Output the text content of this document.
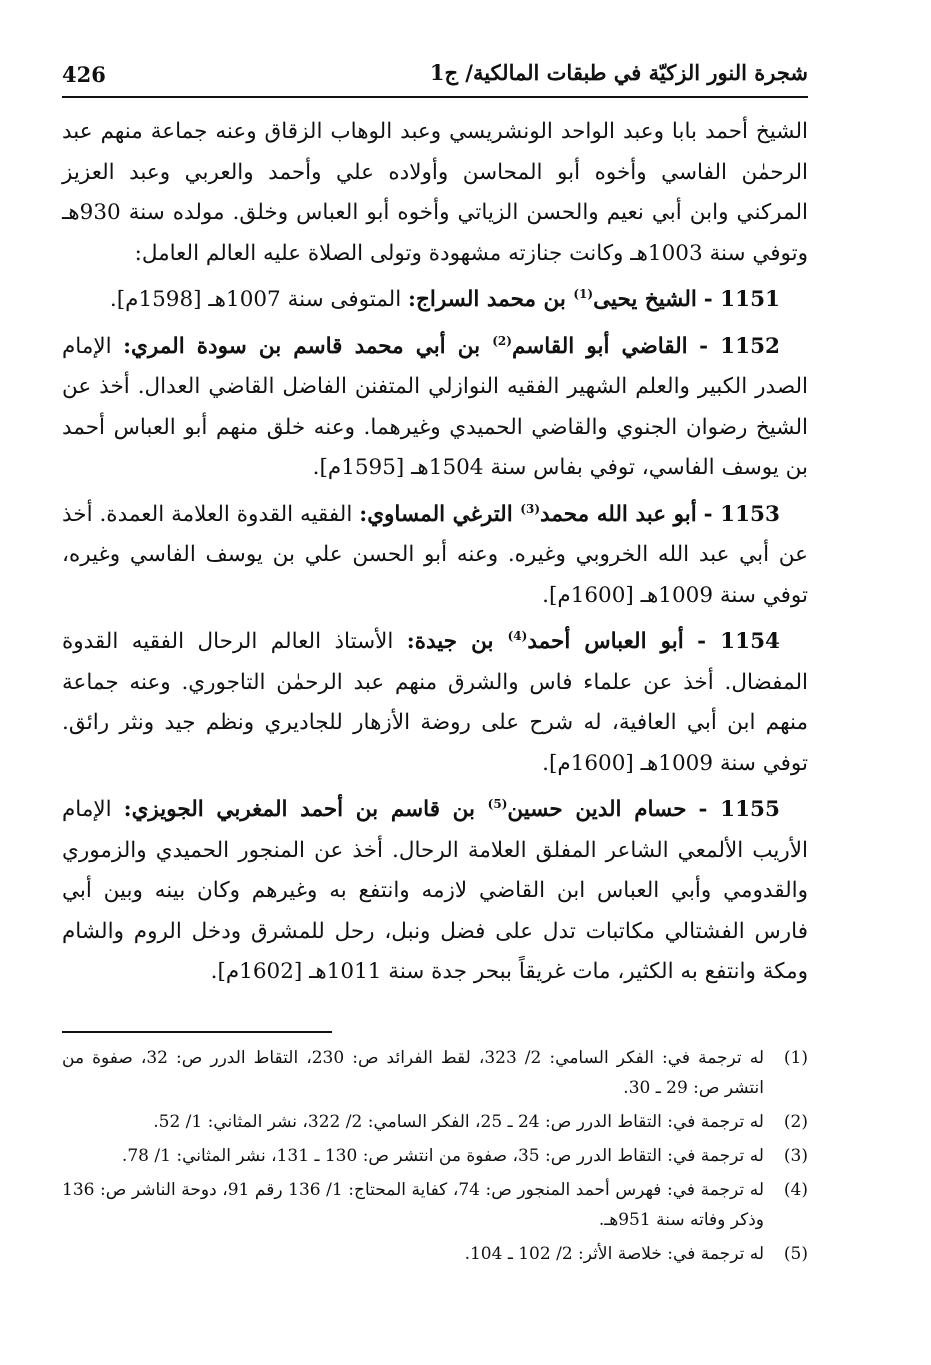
شجرة النور الزكيّة في طبقات المالكية/ ج1
426

الشيخ أحمد بابا وعبد الواحد الونشريسي وعبد الوهاب الزقاق وعنه جماعة منهم عبد الرحمٰن الفاسي وأخوه أبو المحاسن وأولاده علي وأحمد والعربي وعبد العزيز المركني وابن أبي نعيم والحسن الزياتي وأخوه أبو العباس وخلق. مولده سنة 930هـ وتوفي سنة 1003هـ وكانت جنازته مشهودة وتولى الصلاة عليه العالم العامل:

1151 - الشيخ يحيى$^{(1)}$ بن محمد السراج: المتوفى سنة 1007هـ [1598م].

1152 - القاضي أبو القاسم$^{(2)}$ بن أبي محمد قاسم بن سودة المري: الإمام الصدر الكبير والعلم الشهير الفقيه النوازلي المتفنن الفاضل القاضي العدال. أخذ عن الشيخ رضوان الجنوي والقاضي الحميدي وغيرهما. وعنه خلق منهم أبو العباس أحمد بن يوسف الفاسي، توفي بفاس سنة 1504هـ [1595م].

1153 - أبو عبد الله محمد$^{(3)}$ الترغي المساوي: الفقيه القدوة العلامة العمدة. أخذ عن أبي عبد الله الخروبي وغيره. وعنه أبو الحسن علي بن يوسف الفاسي وغيره، توفي سنة 1009هـ [1600م].

1154 - أبو العباس أحمد$^{(4)}$ بن جيدة: الأستاذ العالم الرحال الفقيه القدوة المفضال. أخذ عن علماء فاس والشرق منهم عبد الرحمٰن التاجوري. وعنه جماعة منهم ابن أبي العافية، له شرح على روضة الأزهار للجاديري ونظم جيد ونثر رائق. توفي سنة 1009هـ [1600م].

1155 - حسام الدين حسين$^{(5)}$ بن قاسم بن أحمد المغربي الجويزي: الإمام الأريب الألمعي الشاعر المفلق العلامة الرحال. أخذ عن المنجور الحميدي والزموري والقدومي وأبي العباس ابن القاضي لازمه وانتفع به وغيرهم وكان بينه وبين أبي فارس الفشتالي مكاتبات تدل على فضل ونبل، رحل للمشرق ودخل الروم والشام ومكة وانتفع به الكثير، مات غريقاً ببحر جدة سنة 1011هـ [1602م].

(1)
له ترجمة في: الفكر السامي: 2/ 323، لقط الفرائد ص: 230، التقاط الدرر ص: 32، صفوة من انتشر ص: 29 ـ 30.
(2)
له ترجمة في: التقاط الدرر ص: 24 ـ 25، الفكر السامي: 2/ 322، نشر المثاني: 1/ 52.
(3)
له ترجمة في: التقاط الدرر ص: 35، صفوة من انتشر ص: 130 ـ 131، نشر المثاني: 1/ 78.
(4)
له ترجمة في: فهرس أحمد المنجور ص: 74، كفاية المحتاج: 1/ 136 رقم 91، دوحة الناشر ص: 136 وذكر وفاته سنة 951هـ.
(5)
له ترجمة في: خلاصة الأثر: 2/ 102 ـ 104.
